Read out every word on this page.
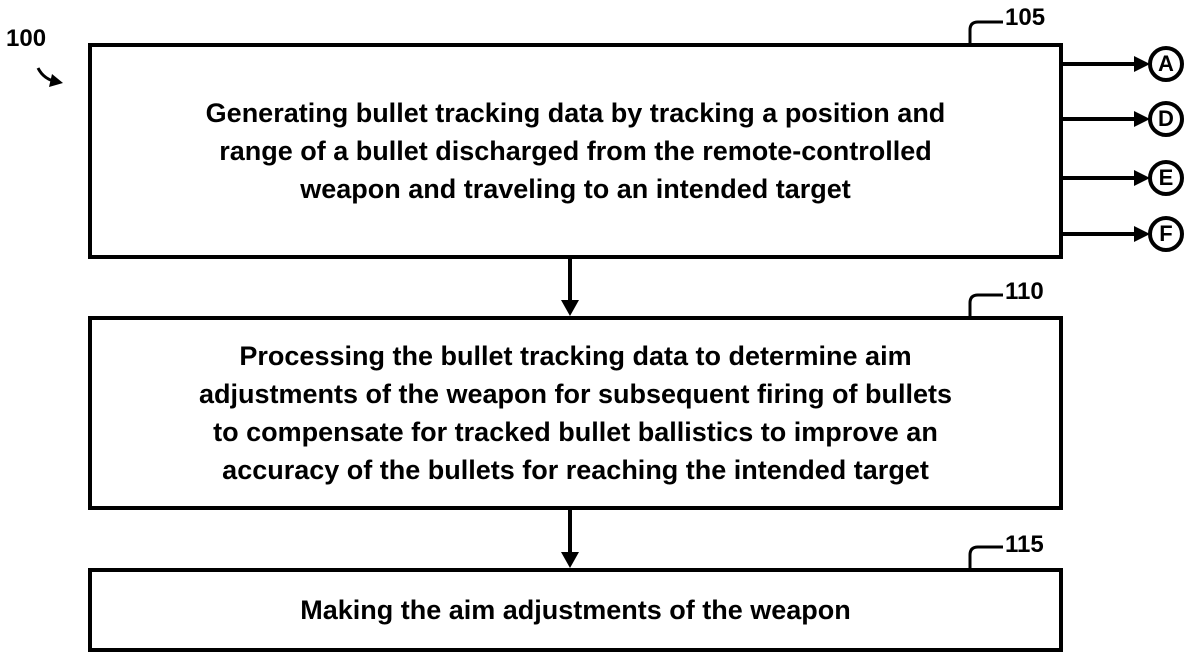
100
Generating bullet tracking data by tracking a position and
range of a bullet discharged from the remote-controlled
weapon and traveling to an intended target
105
Processing the bullet tracking data to determine aim
adjustments of the weapon for subsequent firing of bullets
to compensate for tracked bullet ballistics to improve an
accuracy of the bullets for reaching the intended target
110
Making the aim adjustments of the weapon
115
A
D
E
F
